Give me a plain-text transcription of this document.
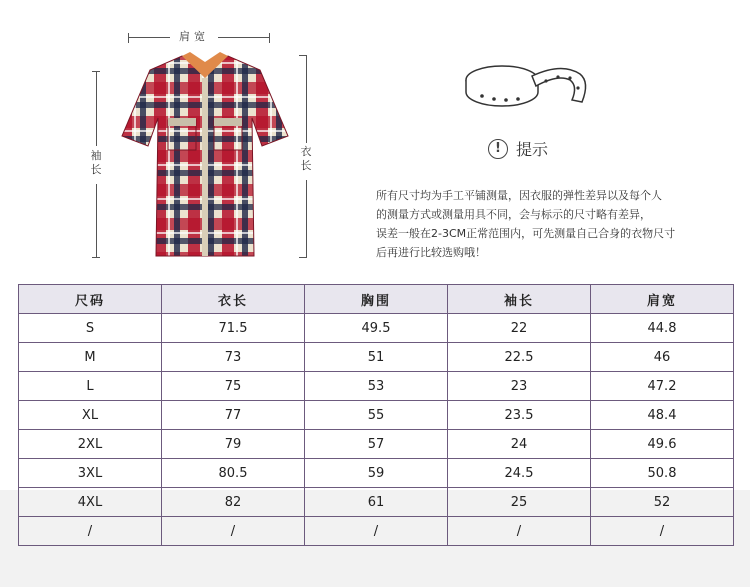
肩宽
袖长
衣长
! 提示
所有尺寸均为手工平铺测量，因衣服的弹性差异以及每个人
的测量方式或测量用具不同，会与标示的尺寸略有差异，
误差一般在2-3CM正常范围内，可先测量自己合身的衣物尺寸
后再进行比较选购哦！
尺码	衣长	胸围	袖长	肩宽
S	71.5	49.5	22	44.8
M	73	51	22.5	46
L	75	53	23	47.2
XL	77	55	23.5	48.4
2XL	79	57	24	49.6
3XL	80.5	59	24.5	50.8
4XL	82	61	25	52
/	/	/	/	/
